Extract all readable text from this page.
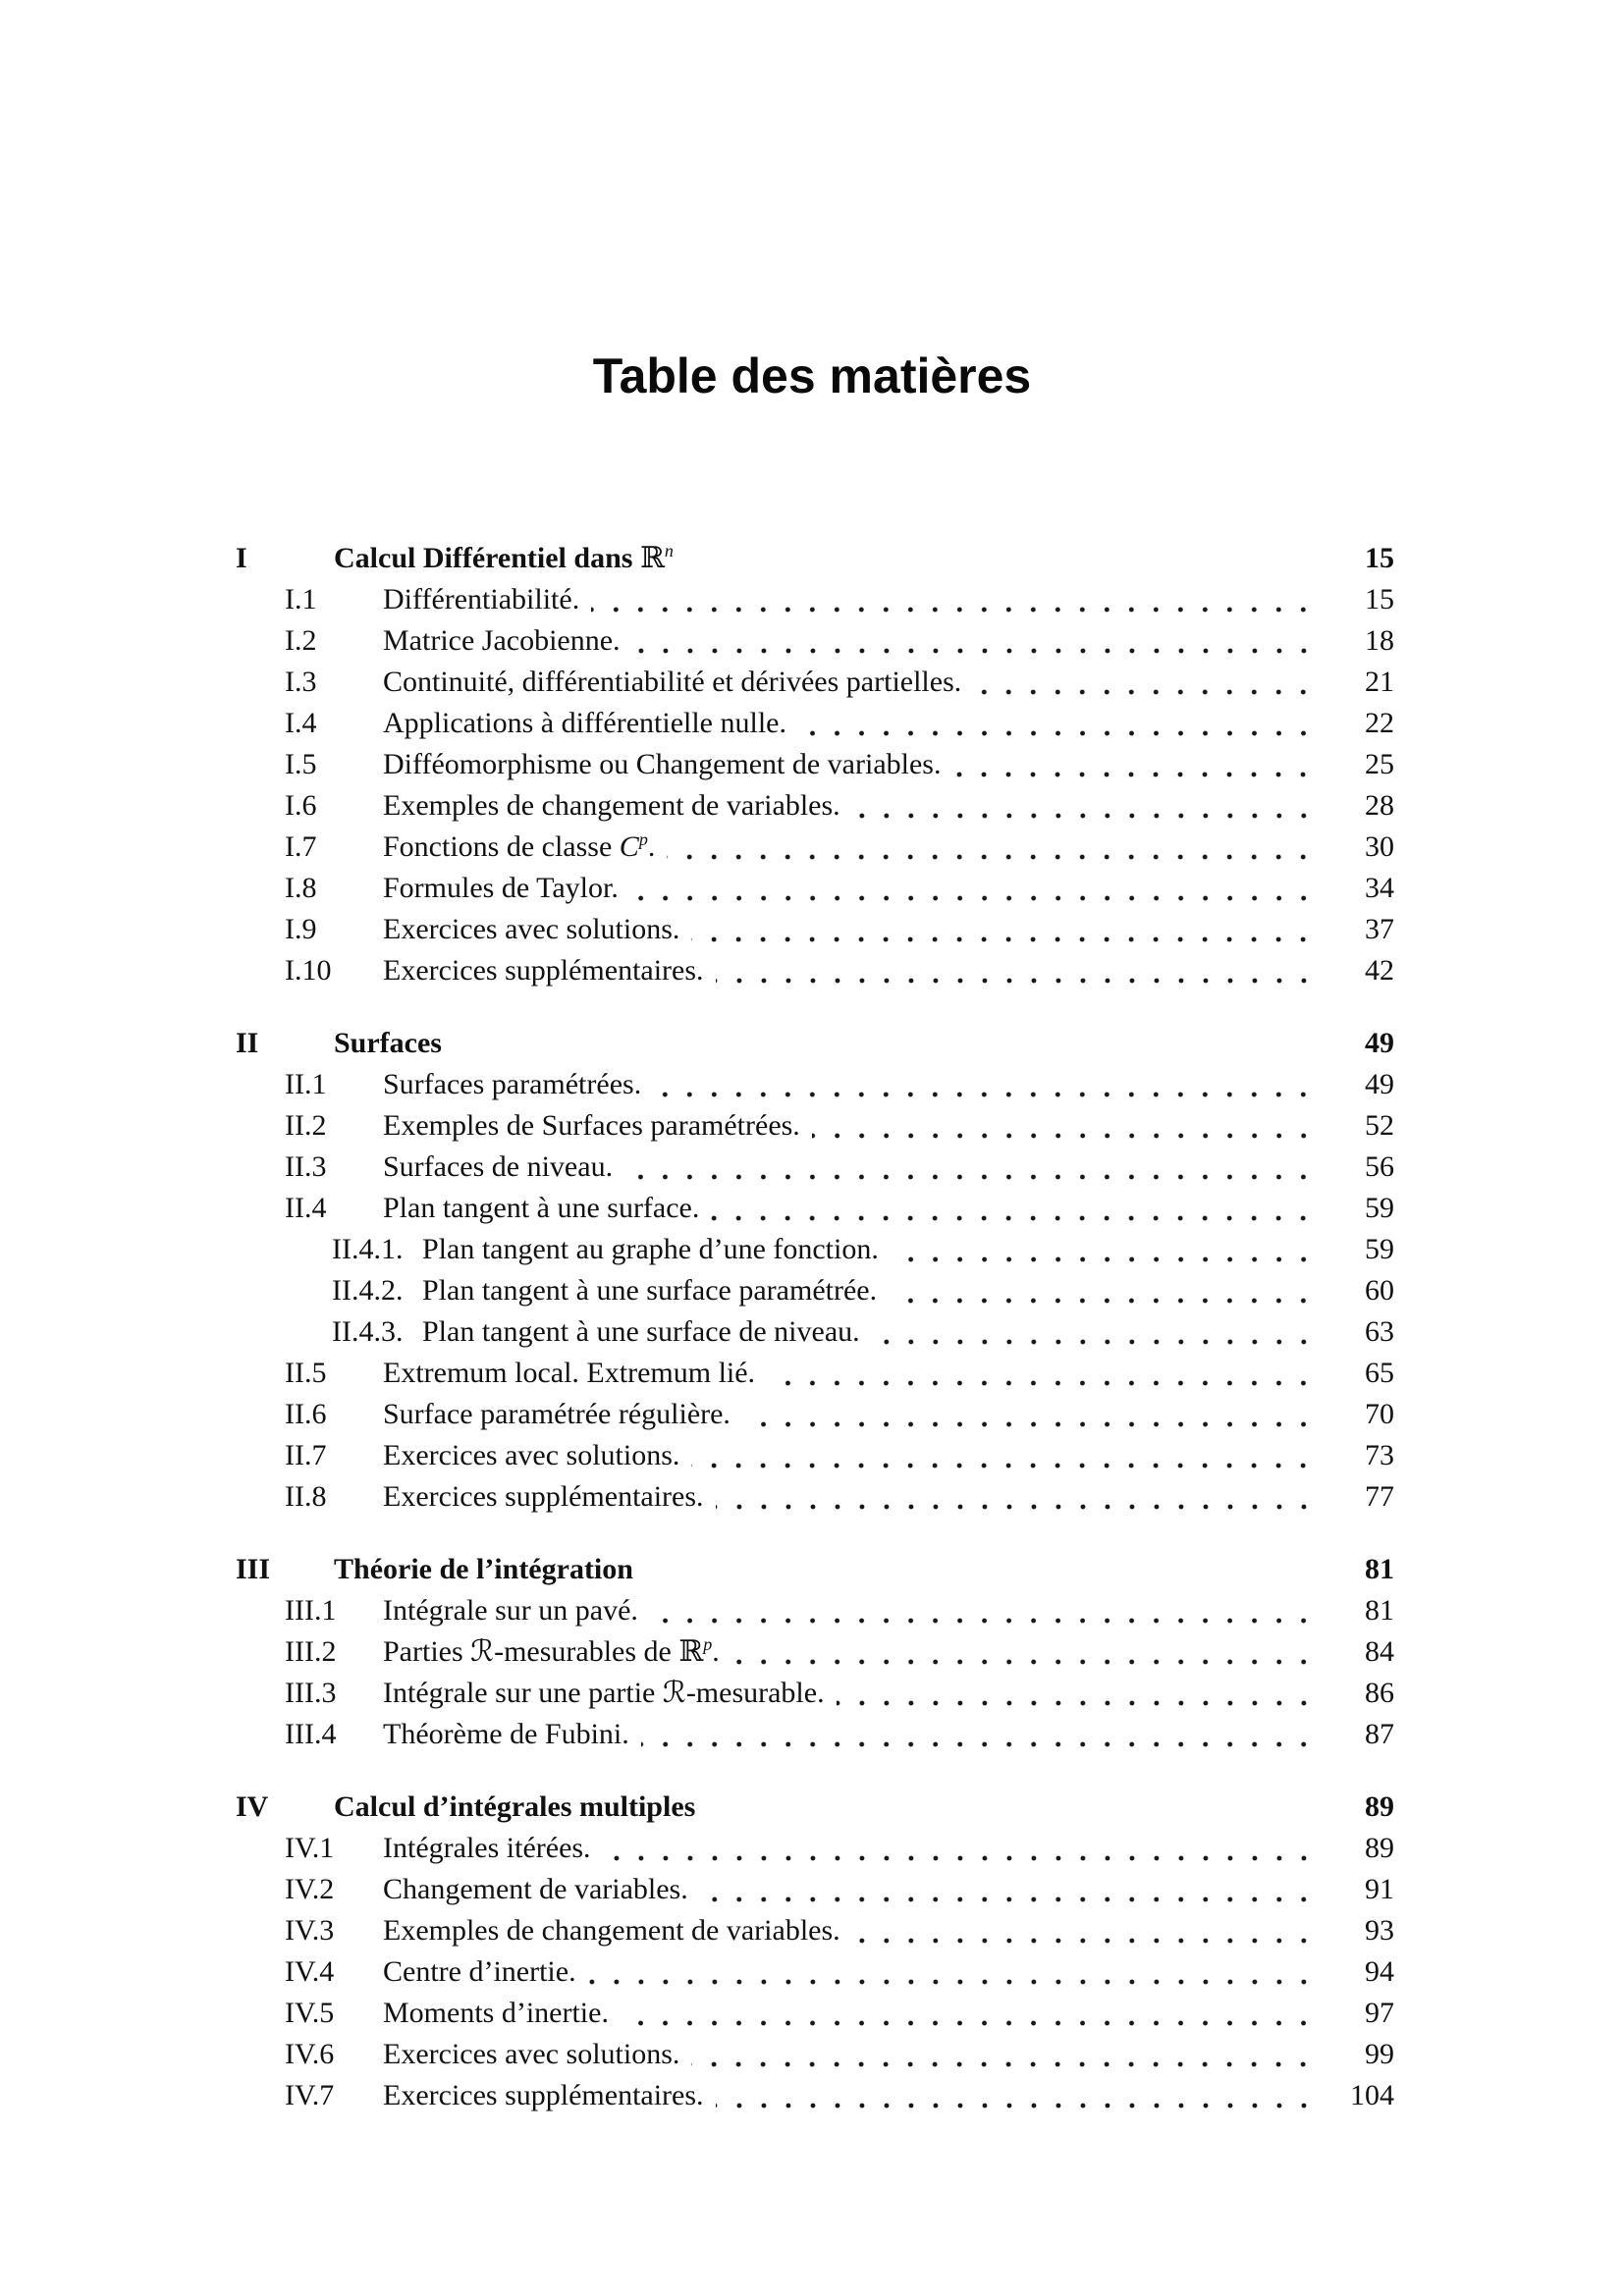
Table des matières
I	Calcul Différentiel dans ℝ$^n$	15
I.1	Différentiabilité.	15
I.2	Matrice Jacobienne.	18
I.3	Continuité, différentiabilité et dérivées partielles.	21
I.4	Applications à différentielle nulle.	22
I.5	Difféomorphisme ou Changement de variables.	25
I.6	Exemples de changement de variables.	28
I.7	Fonctions de classe $C^p$.	30
I.8	Formules de Taylor.	34
I.9	Exercices avec solutions.	37
I.10	Exercices supplémentaires.	42
II	Surfaces	49
II.1	Surfaces paramétrées.	49
II.2	Exemples de Surfaces paramétrées.	52
II.3	Surfaces de niveau.	56
II.4	Plan tangent à une surface.	59
II.4.1. Plan tangent au graphe d’une fonction.	59
II.4.2. Plan tangent à une surface paramétrée.	60
II.4.3. Plan tangent à une surface de niveau.	63
II.5	Extremum local. Extremum lié.	65
II.6	Surface paramétrée régulière.	70
II.7	Exercices avec solutions.	73
II.8	Exercices supplémentaires.	77
III	Théorie de l’intégration	81
III.1	Intégrale sur un pavé.	81
III.2	Parties ℛ-mesurables de ℝ$^p$.	84
III.3	Intégrale sur une partie ℛ-mesurable.	86
III.4	Théorème de Fubini.	87
IV	Calcul d’intégrales multiples	89
IV.1	Intégrales itérées.	89
IV.2	Changement de variables.	91
IV.3	Exemples de changement de variables.	93
IV.4	Centre d’inertie.	94
IV.5	Moments d’inertie.	97
IV.6	Exercices avec solutions.	99
IV.7	Exercices supplémentaires.	104
